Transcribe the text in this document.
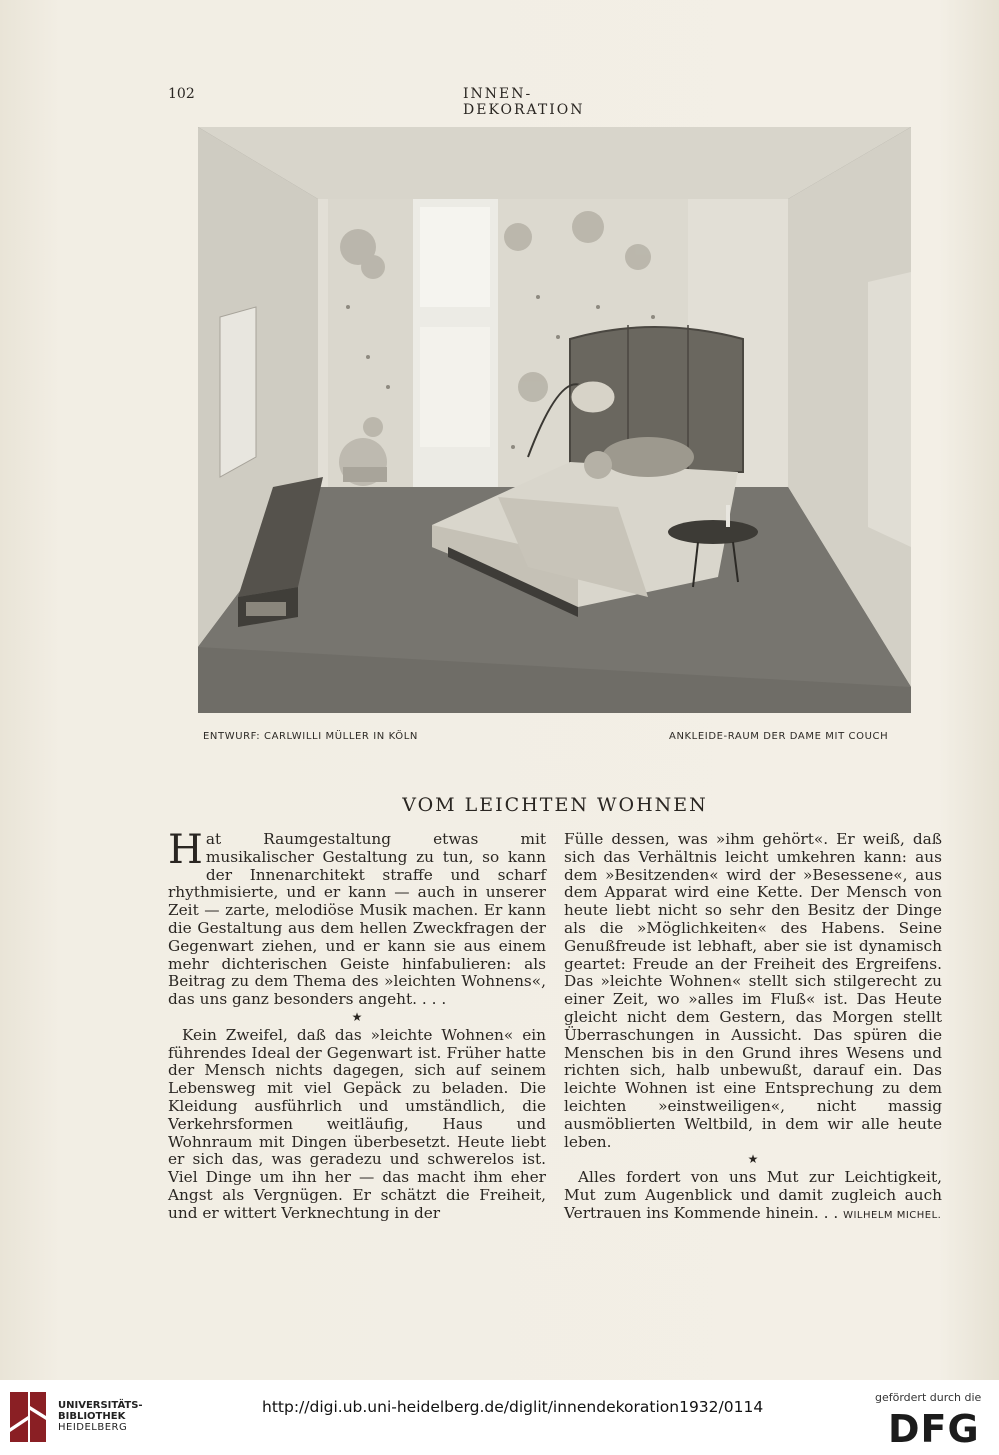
102	INNEN-DEKORATION
ENTWURF: CARLWILLI MÜLLER IN KÖLN	ANKLEIDE-RAUM DER DAME MIT COUCH
VOM LEICHTEN WOHNEN

Hat Raumgestaltung etwas mit musikalischer Gestaltung zu tun, so kann der Innenarchitekt straffe und scharf rhythmisierte, und er kann — auch in unserer Zeit — zarte, melodiöse Musik machen. Er kann die Gestaltung aus dem hellen Zweckfragen der Gegenwart ziehen, und er kann sie aus einem mehr dichterischen Geiste hinfabulieren: als Beitrag zu dem Thema des »leichten Wohnens«, das uns ganz besonders angeht. . . .

★

Kein Zweifel, daß das »leichte Wohnen« ein führendes Ideal der Gegenwart ist. Früher hatte der Mensch nichts dagegen, sich auf seinem Lebensweg mit viel Gepäck zu beladen. Die Kleidung ausführlich und umständlich, die Verkehrsformen weitläufig, Haus und Wohnraum mit Dingen überbesetzt. Heute liebt er sich das, was geradezu und schwerelos ist. Viel Dinge um ihn her — das macht ihm eher Angst als Vergnügen. Er schätzt die Freiheit, und er wittert Verknechtung in der

Fülle dessen, was »ihm gehört«. Er weiß, daß sich das Verhältnis leicht umkehren kann: aus dem »Besitzenden« wird der »Besessene«, aus dem Apparat wird eine Kette. Der Mensch von heute liebt nicht so sehr den Besitz der Dinge als die »Möglichkeiten« des Habens. Seine Genußfreude ist lebhaft, aber sie ist dynamisch geartet: Freude an der Freiheit des Ergreifens. Das »leichte Wohnen« stellt sich stilgerecht zu einer Zeit, wo »alles im Fluß« ist. Das Heute gleicht nicht dem Gestern, das Morgen stellt Überraschungen in Aussicht. Das spüren die Menschen bis in den Grund ihres Wesens und richten sich, halb unbewußt, darauf ein. Das leichte Wohnen ist eine Entsprechung zu dem leichten »einstweiligen«, nicht massig ausmöblierten Weltbild, in dem wir alle heute leben.

★

Alles fordert von uns Mut zur Leichtigkeit, Mut zum Augenblick und damit zugleich auch Vertrauen ins Kommende hinein. . . WILHELM MICHEL.

UNIVERSITÄTS-
BIBLIOTHEK
HEIDELBERG
http://digi.ub.uni-heidelberg.de/diglit/innendekoration1932/0114
gefördert durch die
DFG
